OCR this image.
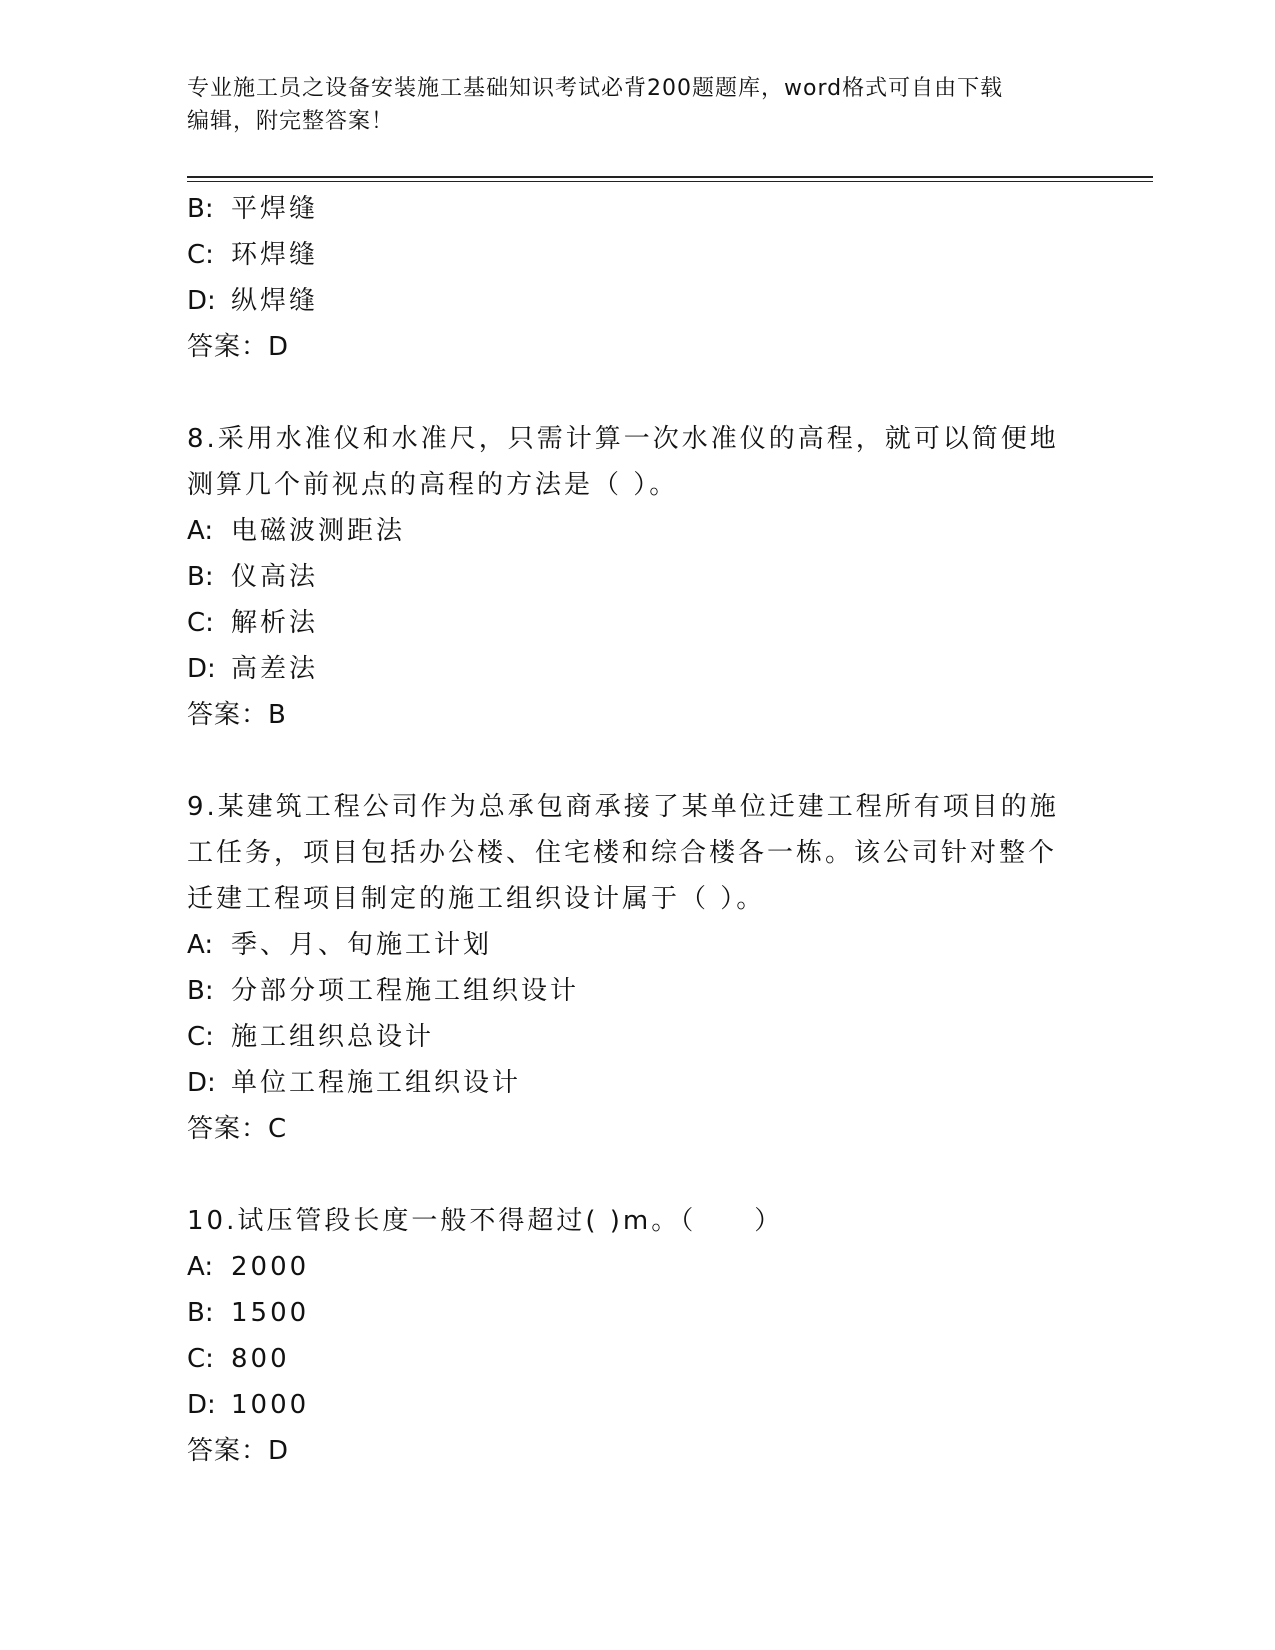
专业施工员之设备安装施工基础知识考试必背200题题库，word格式可自由下载
编辑，附完整答案！
B: 平焊缝
C: 环焊缝
D: 纵焊缝
答案：D
8.采用水准仪和水准尺，只需计算一次水准仪的高程，就可以简便地
测算几个前视点的高程的方法是（ ）。
A: 电磁波测距法
B: 仪高法
C: 解析法
D: 高差法
答案：B
9.某建筑工程公司作为总承包商承接了某单位迁建工程所有项目的施
工任务，项目包括办公楼、住宅楼和综合楼各一栋。该公司针对整个
迁建工程项目制定的施工组织设计属于（ ）。
A: 季、月、旬施工计划
B: 分部分项工程施工组织设计
C: 施工组织总设计
D: 单位工程施工组织设计
答案：C
10.试压管段长度一般不得超过( )m。（　　）
A: 2000
B: 1500
C: 800
D: 1000
答案：D
